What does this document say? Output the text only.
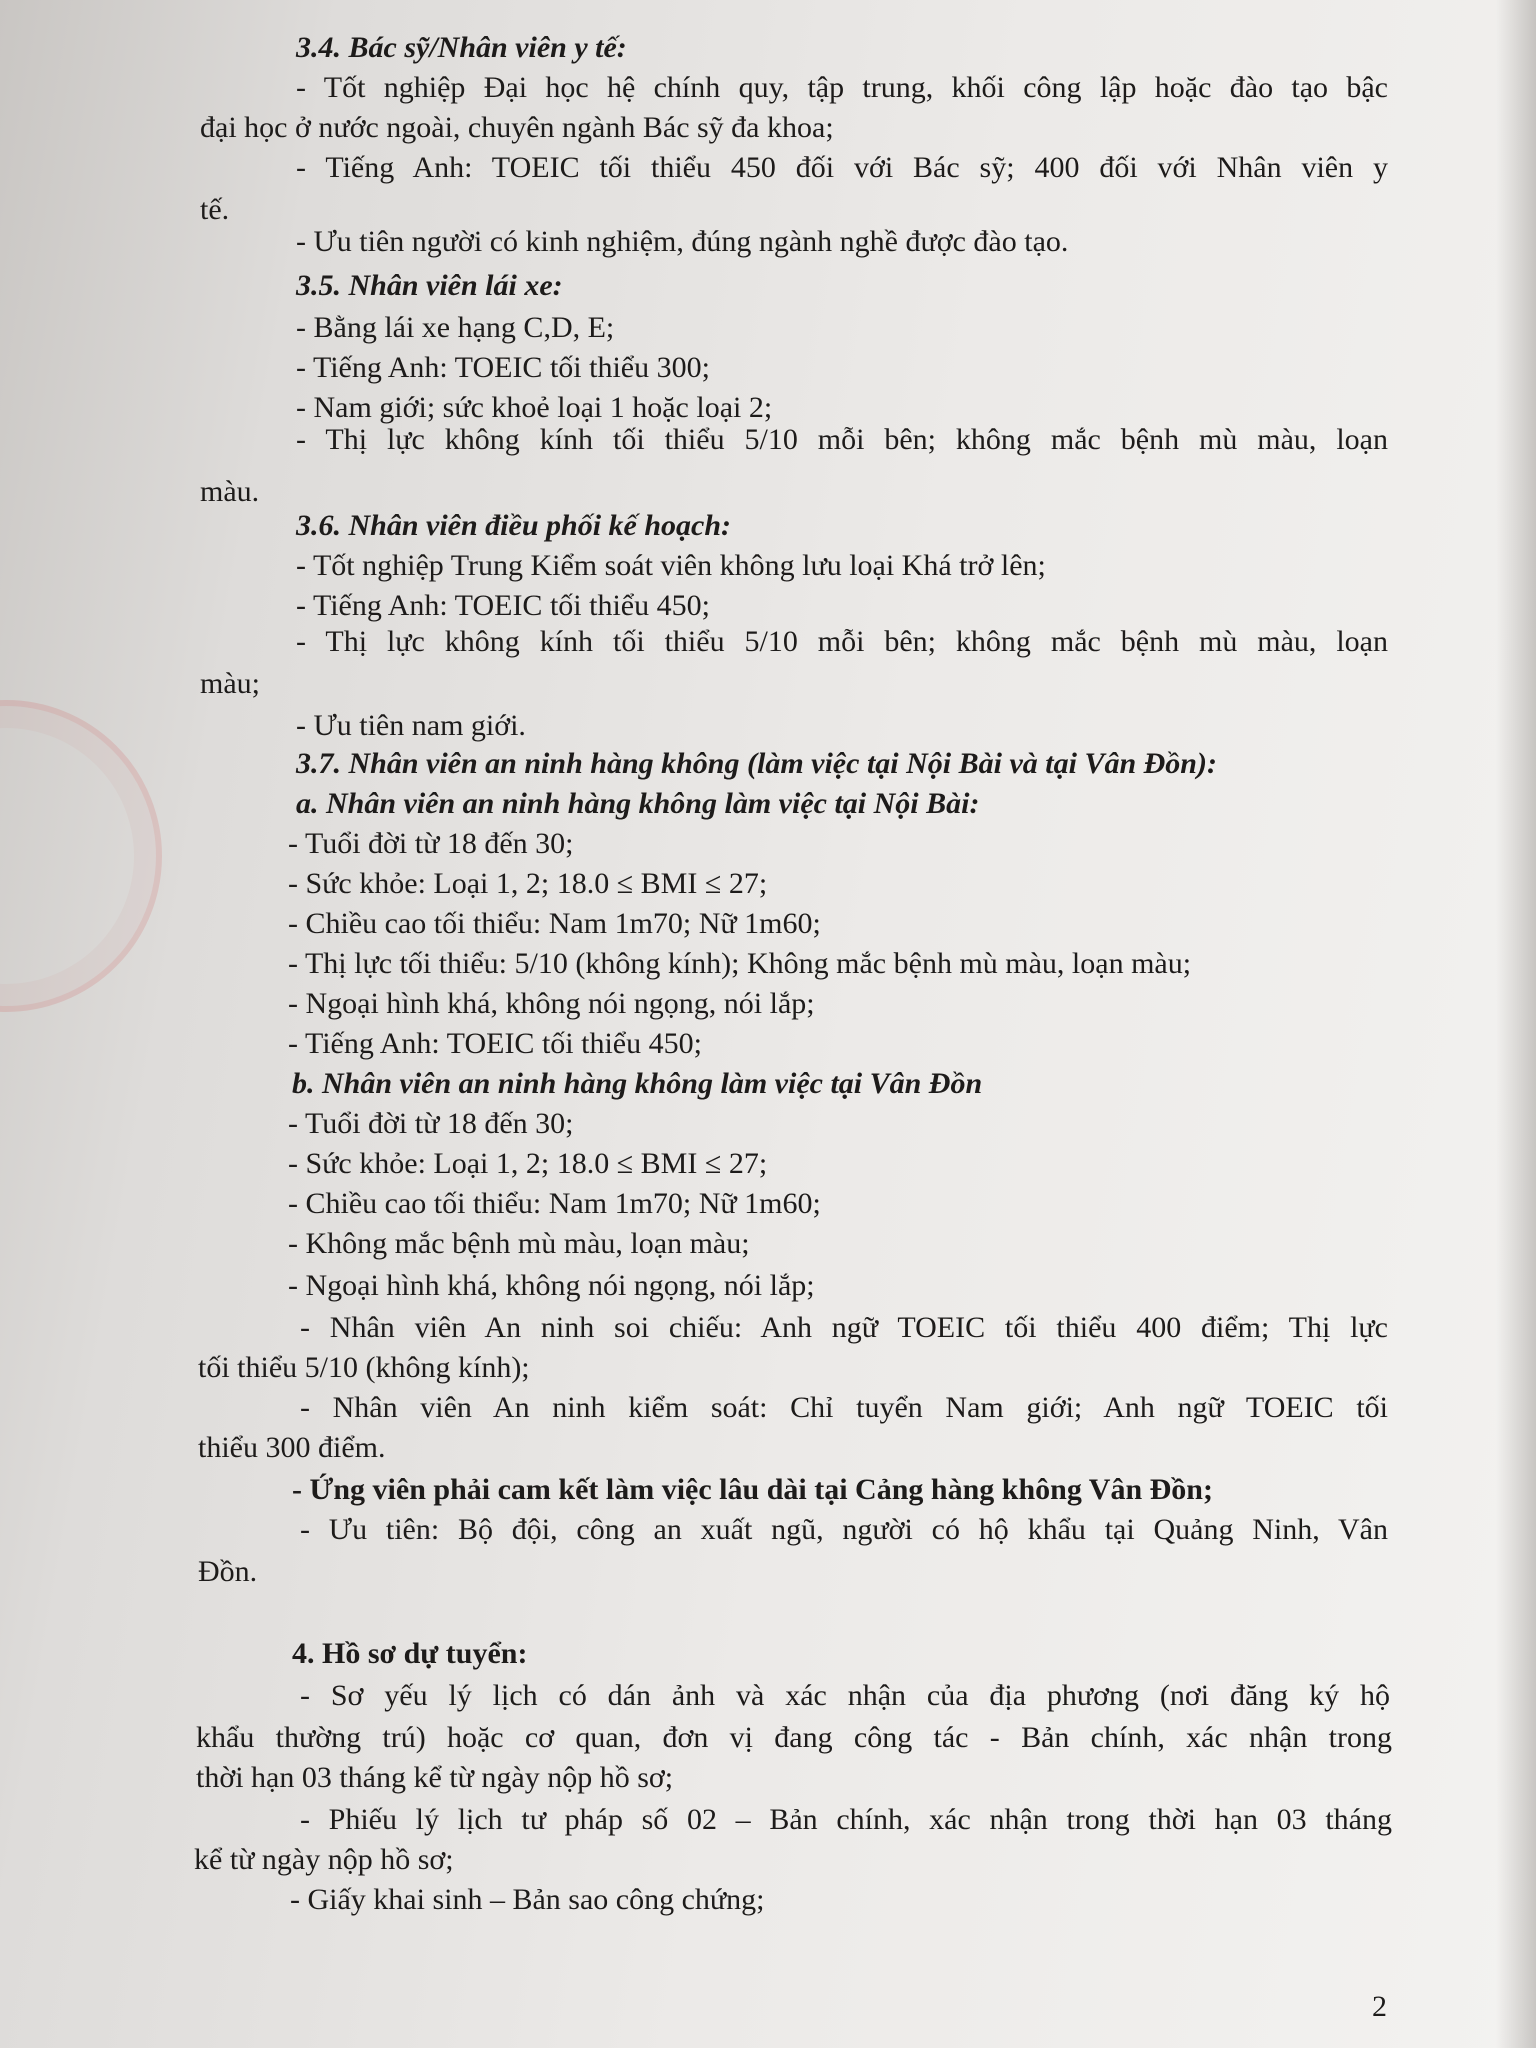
3.4. Bác sỹ/Nhân viên y tế:
- Tốt nghiệp Đại học hệ chính quy, tập trung, khối công lập hoặc đào tạo bậc
đại học ở nước ngoài, chuyên ngành Bác sỹ đa khoa;
- Tiếng Anh: TOEIC tối thiểu 450 đối với Bác sỹ; 400 đối với Nhân viên y
tế.
- Ưu tiên người có kinh nghiệm, đúng ngành nghề được đào tạo.
3.5. Nhân viên lái xe:
- Bằng lái xe hạng C,D, E;
- Tiếng Anh: TOEIC tối thiểu 300;
- Nam giới; sức khoẻ loại 1 hoặc loại 2;
- Thị lực không kính tối thiểu 5/10 mỗi bên; không mắc bệnh mù màu, loạn
màu.
3.6. Nhân viên điều phối kế hoạch:
- Tốt nghiệp Trung Kiểm soát viên không lưu loại Khá trở lên;
- Tiếng Anh: TOEIC tối thiểu 450;
- Thị lực không kính tối thiểu 5/10 mỗi bên; không mắc bệnh mù màu, loạn
màu;
- Ưu tiên nam giới.
3.7. Nhân viên an ninh hàng không (làm việc tại Nội Bài và tại Vân Đồn):
a. Nhân viên an ninh hàng không làm việc tại Nội Bài:
- Tuổi đời từ 18 đến 30;
- Sức khỏe: Loại 1, 2; 18.0 ≤ BMI ≤ 27;
- Chiều cao tối thiểu: Nam 1m70; Nữ 1m60;
- Thị lực tối thiểu: 5/10 (không kính); Không mắc bệnh mù màu, loạn màu;
- Ngoại hình khá, không nói ngọng, nói lắp;
- Tiếng Anh: TOEIC tối thiểu 450;
b. Nhân viên an ninh hàng không làm việc tại Vân Đồn
- Tuổi đời từ 18 đến 30;
- Sức khỏe: Loại 1, 2; 18.0 ≤ BMI ≤ 27;
- Chiều cao tối thiểu: Nam 1m70; Nữ 1m60;
- Không mắc bệnh mù màu, loạn màu;
- Ngoại hình khá, không nói ngọng, nói lắp;
- Nhân viên An ninh soi chiếu: Anh ngữ TOEIC tối thiểu 400 điểm; Thị lực
tối thiểu 5/10 (không kính);
- Nhân viên An ninh kiểm soát: Chỉ tuyển Nam giới; Anh ngữ TOEIC tối
thiểu 300 điểm.
- Ứng viên phải cam kết làm việc lâu dài tại Cảng hàng không Vân Đồn;
- Ưu tiên: Bộ đội, công an xuất ngũ, người có hộ khẩu tại Quảng Ninh, Vân
Đồn.
4. Hồ sơ dự tuyển:
- Sơ yếu lý lịch có dán ảnh và xác nhận của địa phương (nơi đăng ký hộ
khẩu thường trú) hoặc cơ quan, đơn vị đang công tác - Bản chính, xác nhận trong
thời hạn 03 tháng kể từ ngày nộp hồ sơ;
- Phiếu lý lịch tư pháp số 02 – Bản chính, xác nhận trong thời hạn 03 tháng
kể từ ngày nộp hồ sơ;
- Giấy khai sinh – Bản sao công chứng;
2
